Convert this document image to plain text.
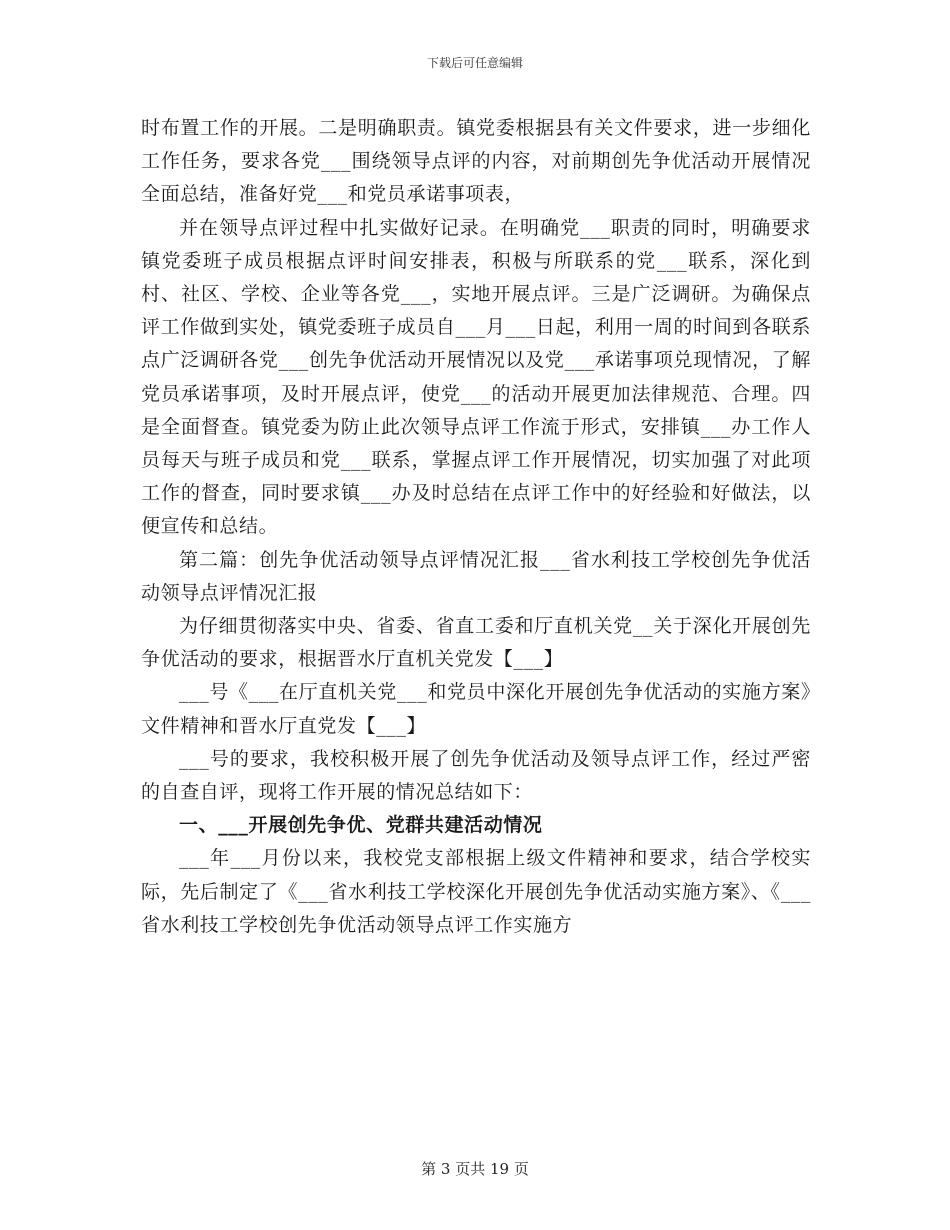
下载后可任意编辑

时布置工作的开展。二是明确职责。镇党委根据县有关文件要求，进一步细化工作任务，要求各党___围绕领导点评的内容，对前期创先争优活动开展情况全面总结，准备好党___和党员承诺事项表，

并在领导点评过程中扎实做好记录。在明确党___职责的同时，明确要求镇党委班子成员根据点评时间安排表，积极与所联系的党___联系，深化到村、社区、学校、企业等各党___，实地开展点评。三是广泛调研。为确保点评工作做到实处，镇党委班子成员自___月___日起，利用一周的时间到各联系点广泛调研各党___创先争优活动开展情况以及党___承诺事项兑现情况，了解党员承诺事项，及时开展点评，使党___的活动开展更加法律规范、合理。四是全面督查。镇党委为防止此次领导点评工作流于形式，安排镇___办工作人员每天与班子成员和党___联系，掌握点评工作开展情况，切实加强了对此项工作的督查，同时要求镇___办及时总结在点评工作中的好经验和好做法，以便宣传和总结。

第二篇：创先争优活动领导点评情况汇报___省水利技工学校创先争优活动领导点评情况汇报

为仔细贯彻落实中央、省委、省直工委和厅直机关党__关于深化开展创先争优活动的要求，根据晋水厅直机关党发【___】

___号《___在厅直机关党___和党员中深化开展创先争优活动的实施方案》文件精神和晋水厅直党发【___】

___号的要求，我校积极开展了创先争优活动及领导点评工作，经过严密的自查自评，现将工作开展的情况总结如下：

一、___开展创先争优、党群共建活动情况

___年___月份以来，我校党支部根据上级文件精神和要求，结合学校实际，先后制定了《___省水利技工学校深化开展创先争优活动实施方案》、《___省水利技工学校创先争优活动领导点评工作实施方

第 3 页共 19 页
